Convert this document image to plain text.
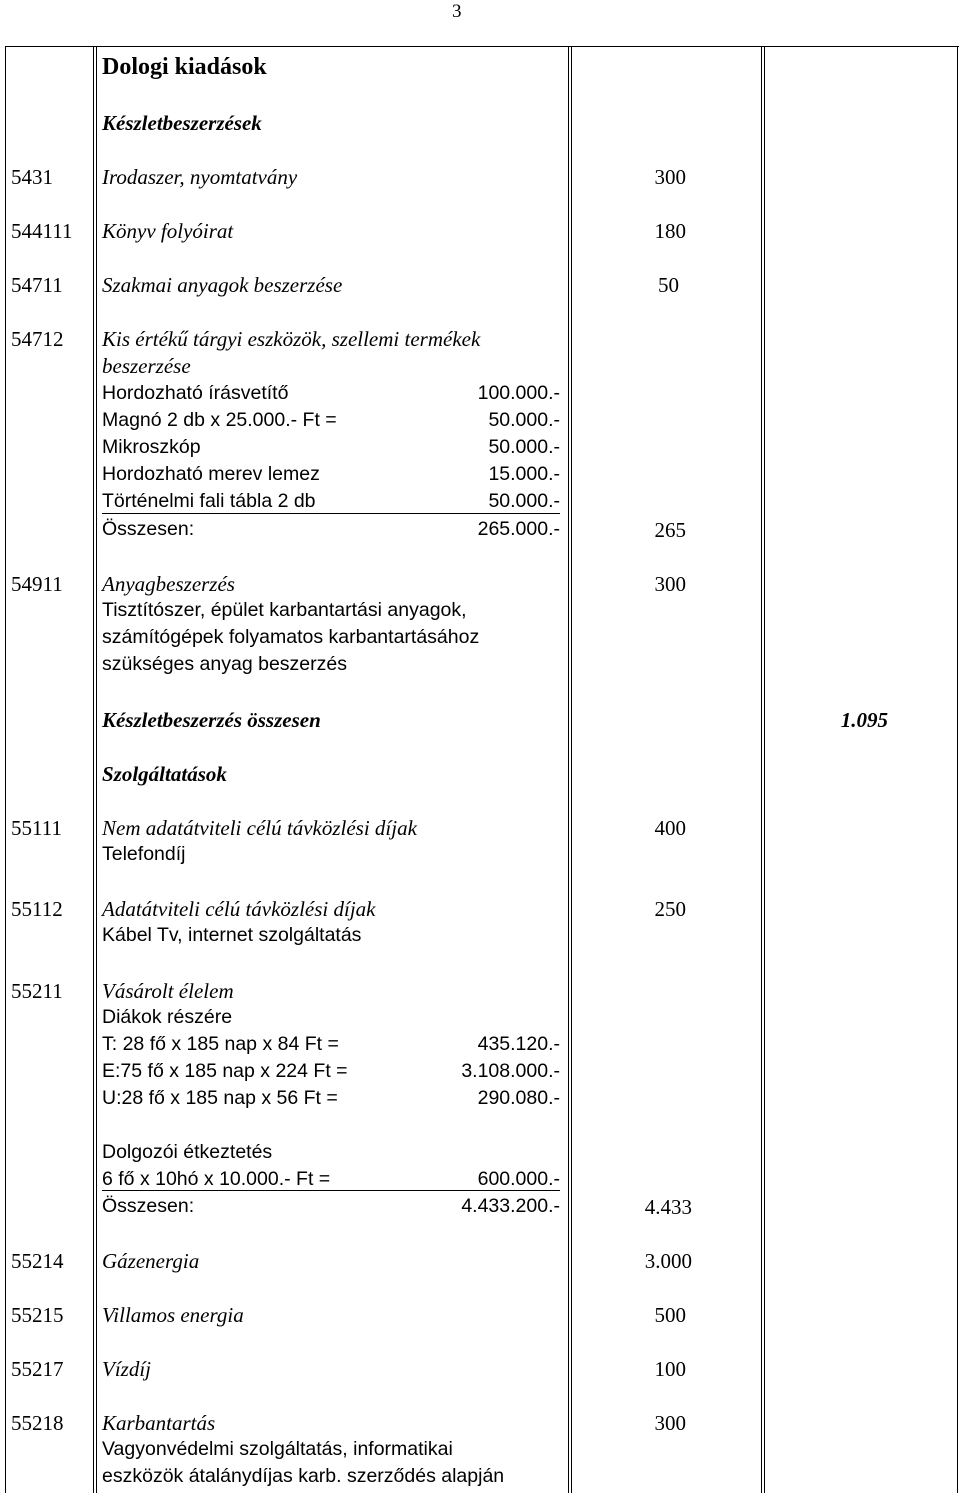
3
Dologi kiadások
Készletbeszerzések
5431 Irodaszer, nyomtatvány	300
544111 Könyv folyóirat	180
54711 Szakmai anyagok beszerzése	50
54712 Kis értékű tárgyi eszközök, szellemi termékek
beszerzése
Hordozható írásvetítő	100.000.-
Magnó 2 db x 25.000.- Ft =	50.000.-
Mikroszkóp	50.000.-
Hordozható merev lemez	15.000.-
Történelmi fali tábla 2 db	50.000.-
Összesen:	265.000.-	265
54911 Anyagbeszerzés	300
Tisztítószer, épület karbantartási anyagok,
számítógépek folyamatos karbantartásához
szükséges anyag beszerzés
Készletbeszerzés összesen	1.095
Szolgáltatások
55111 Nem adatátviteli célú távközlési díjak	400
Telefondíj
55112 Adatátviteli célú távközlési díjak	250
Kábel Tv, internet szolgáltatás
55211 Vásárolt élelem
Diákok részére
T: 28 fő x 185 nap x 84 Ft =	435.120.-
E:75 fő x 185 nap x 224 Ft =	3.108.000.-
U:28 fő x 185 nap x 56 Ft =	290.080.-
Dolgozói étkeztetés
6 fő x 10hó x 10.000.- Ft =	600.000.-
Összesen:	4.433.200.-	4.433
55214 Gázenergia	3.000
55215 Villamos energia	500
55217 Vízdíj	100
55218 Karbantartás	300
Vagyonvédelmi szolgáltatás, informatikai
eszközök átalánydíjas karb. szerződés alapján
